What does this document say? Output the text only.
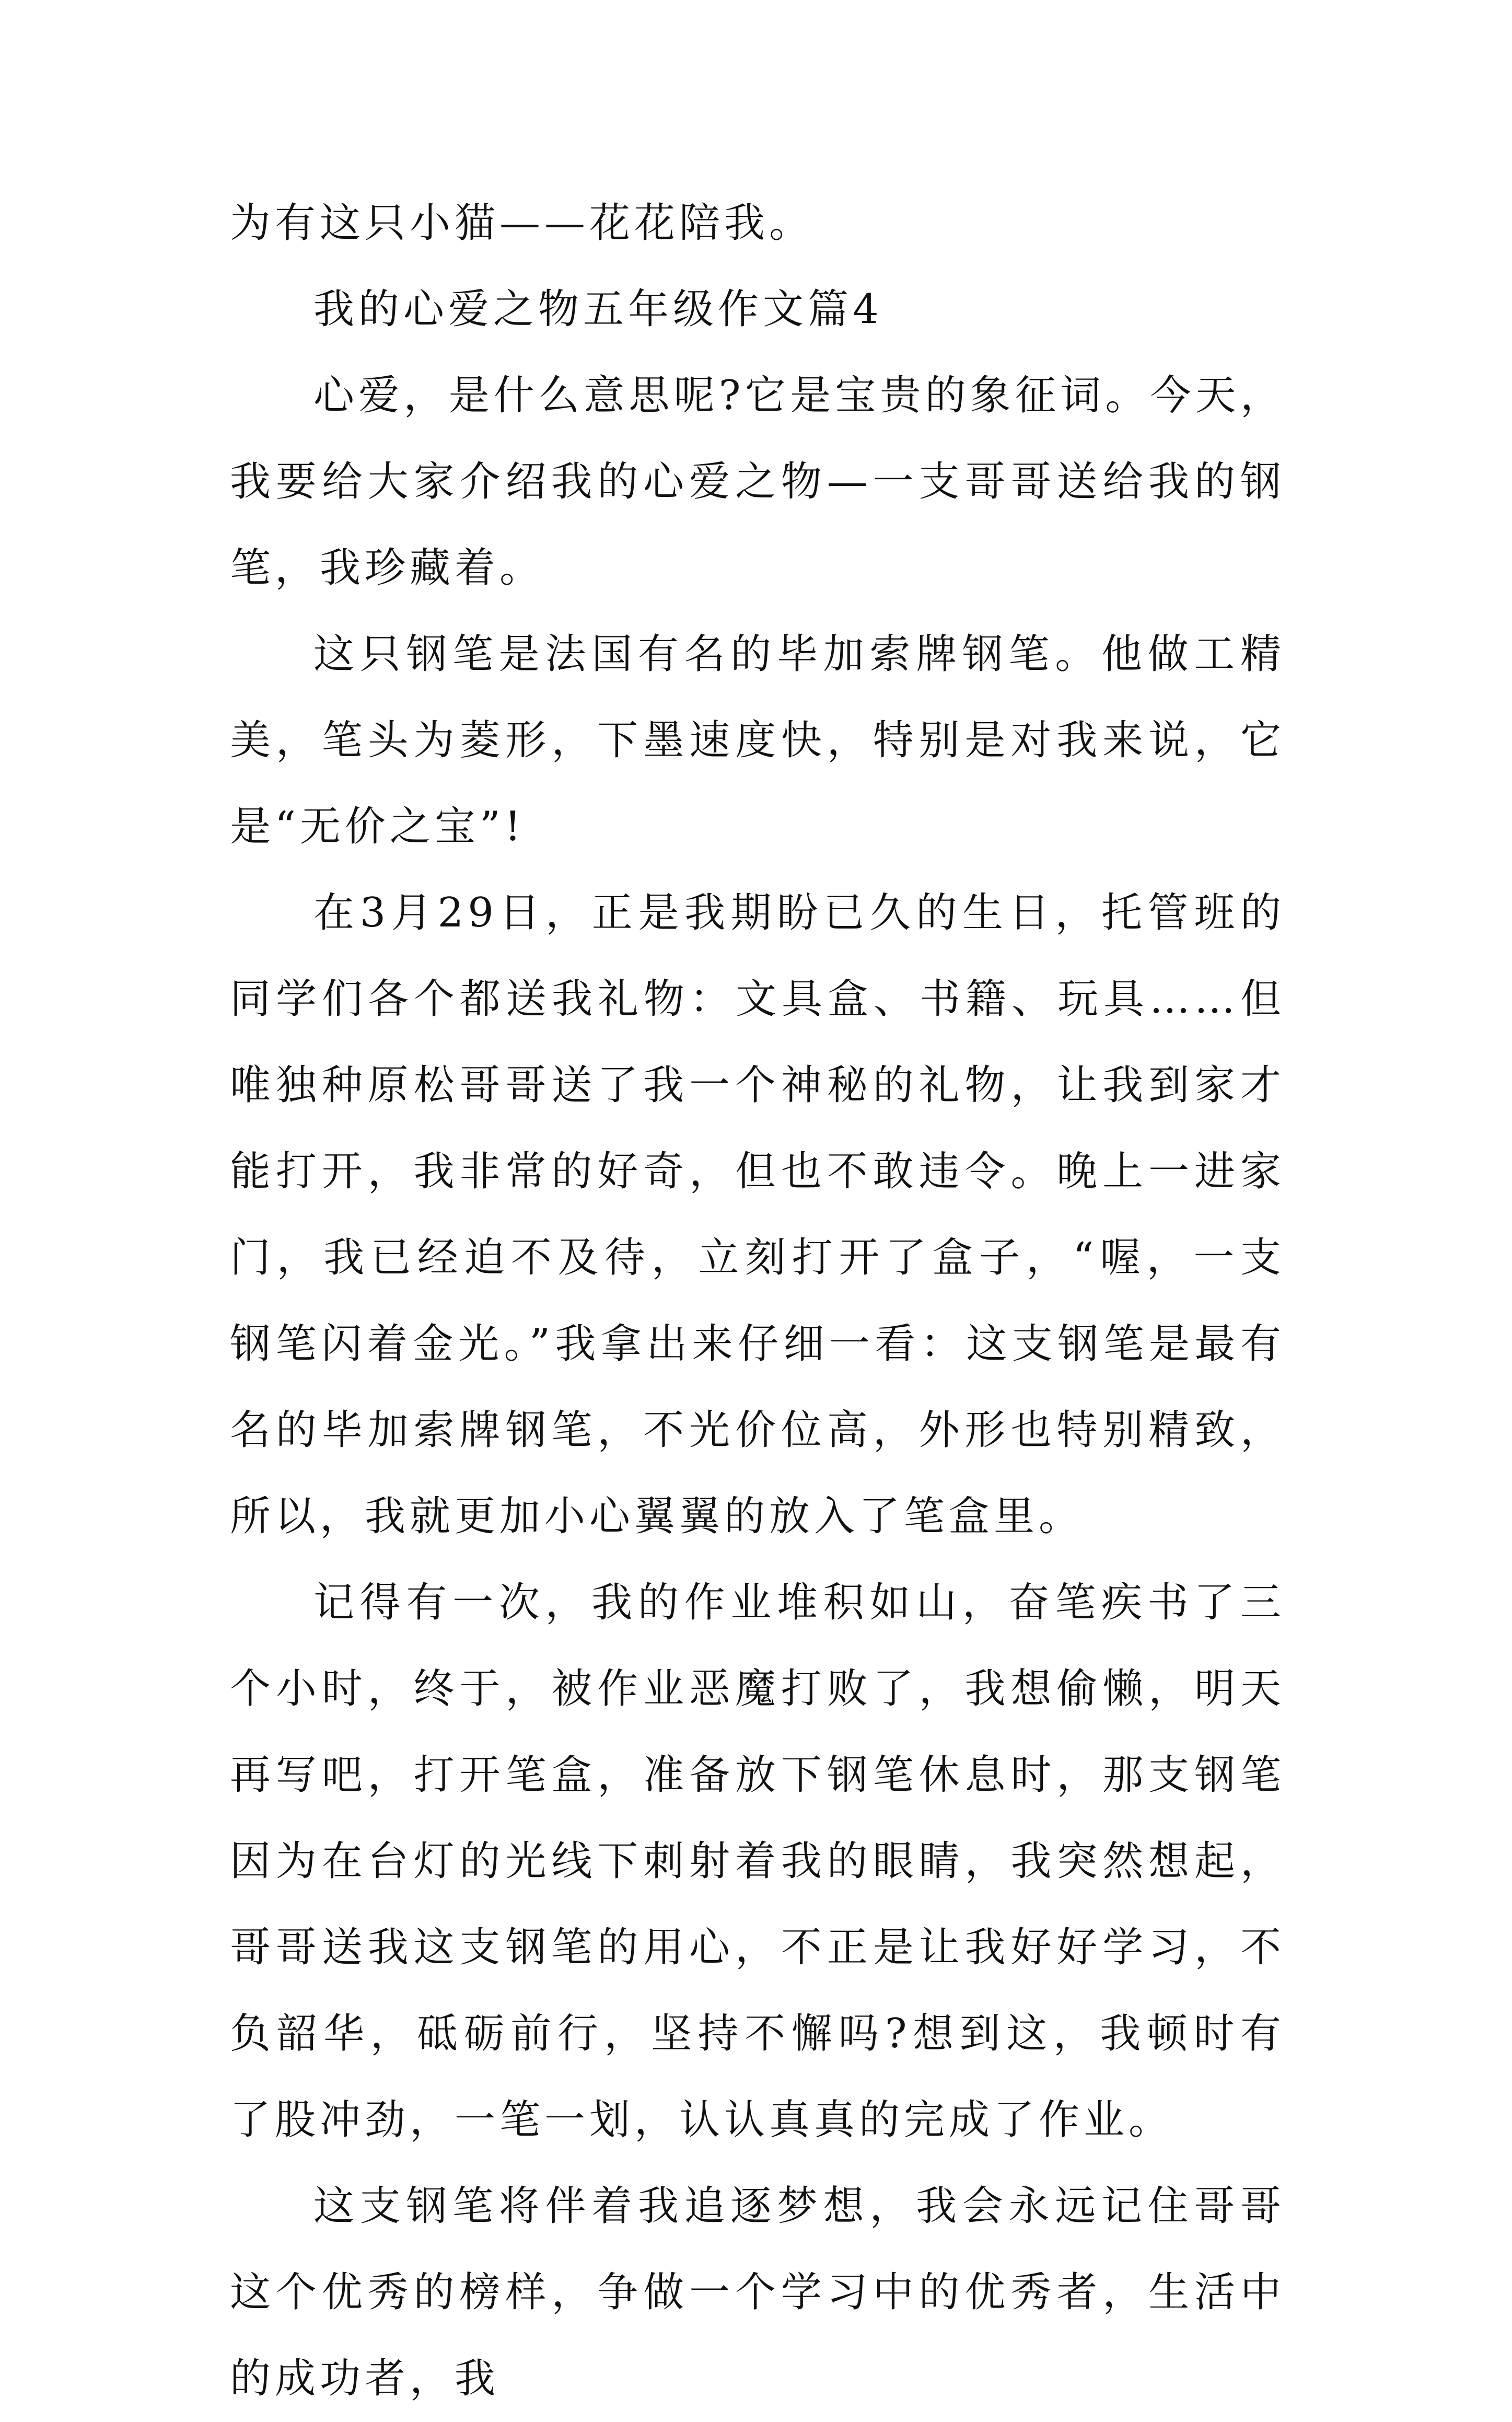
为有这只小猫——花花陪我。

我的心爱之物五年级作文篇4

心爱，是什么意思呢?它是宝贵的象征词。今天，我要给大家介绍我的心爱之物—一支哥哥送给我的钢笔，我珍藏着。

这只钢笔是法国有名的毕加索牌钢笔。他做工精美，笔头为菱形，下墨速度快，特别是对我来说，它是“无价之宝”!

在3月29日，正是我期盼已久的生日，托管班的同学们各个都送我礼物：文具盒、书籍、玩具……但唯独种原松哥哥送了我一个神秘的礼物，让我到家才能打开，我非常的好奇，但也不敢违令。晚上一进家门，我已经迫不及待，立刻打开了盒子，“喔，一支钢笔闪着金光。”我拿出来仔细一看：这支钢笔是最有名的毕加索牌钢笔，不光价位高，外形也特别精致，所以，我就更加小心翼翼的放入了笔盒里。

记得有一次，我的作业堆积如山，奋笔疾书了三个小时，终于，被作业恶魔打败了，我想偷懒，明天再写吧，打开笔盒，准备放下钢笔休息时，那支钢笔因为在台灯的光线下刺射着我的眼睛，我突然想起，哥哥送我这支钢笔的用心，不正是让我好好学习，不负韶华，砥砺前行，坚持不懈吗?想到这，我顿时有了股冲劲，一笔一划，认认真真的完成了作业。

这支钢笔将伴着我追逐梦想，我会永远记住哥哥这个优秀的榜样，争做一个学习中的优秀者，生活中的成功者，我
